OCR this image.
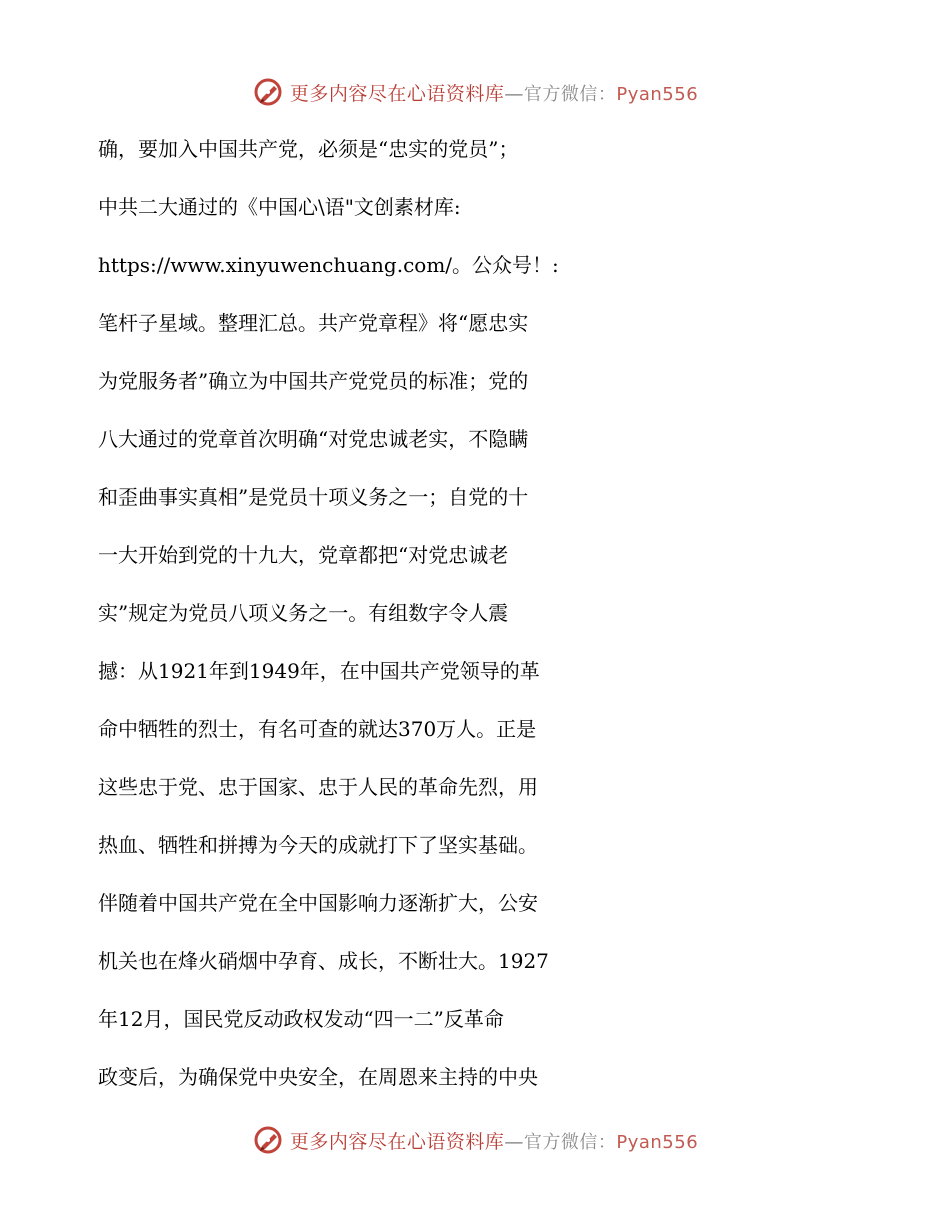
更多内容尽在心语资料库—官方微信：Pyan556
确，要加入中国共产党，必须是“忠实的党员”；
中共二大通过的《中国心\语"文创素材库:
https://www.xinyuwenchuang.com/。公众号！:
笔杆子星域。整理汇总。共产党章程》将“愿忠实
为党服务者”确立为中国共产党党员的标准；党的
八大通过的党章首次明确“对党忠诚老实，不隐瞒
和歪曲事实真相”是党员十项义务之一；自党的十
一大开始到党的十九大，党章都把“对党忠诚老
实”规定为党员八项义务之一。有组数字令人震
撼：从1921年到1949年，在中国共产党领导的革
命中牺牲的烈士，有名可查的就达370万人。正是
这些忠于党、忠于国家、忠于人民的革命先烈，用
热血、牺牲和拼搏为今天的成就打下了坚实基础。
伴随着中国共产党在全中国影响力逐渐扩大，公安
机关也在烽火硝烟中孕育、成长，不断壮大。1927
年12月，国民党反动政权发动“四一二”反革命
政变后，为确保党中央安全，在周恩来主持的中央
更多内容尽在心语资料库—官方微信：Pyan556
